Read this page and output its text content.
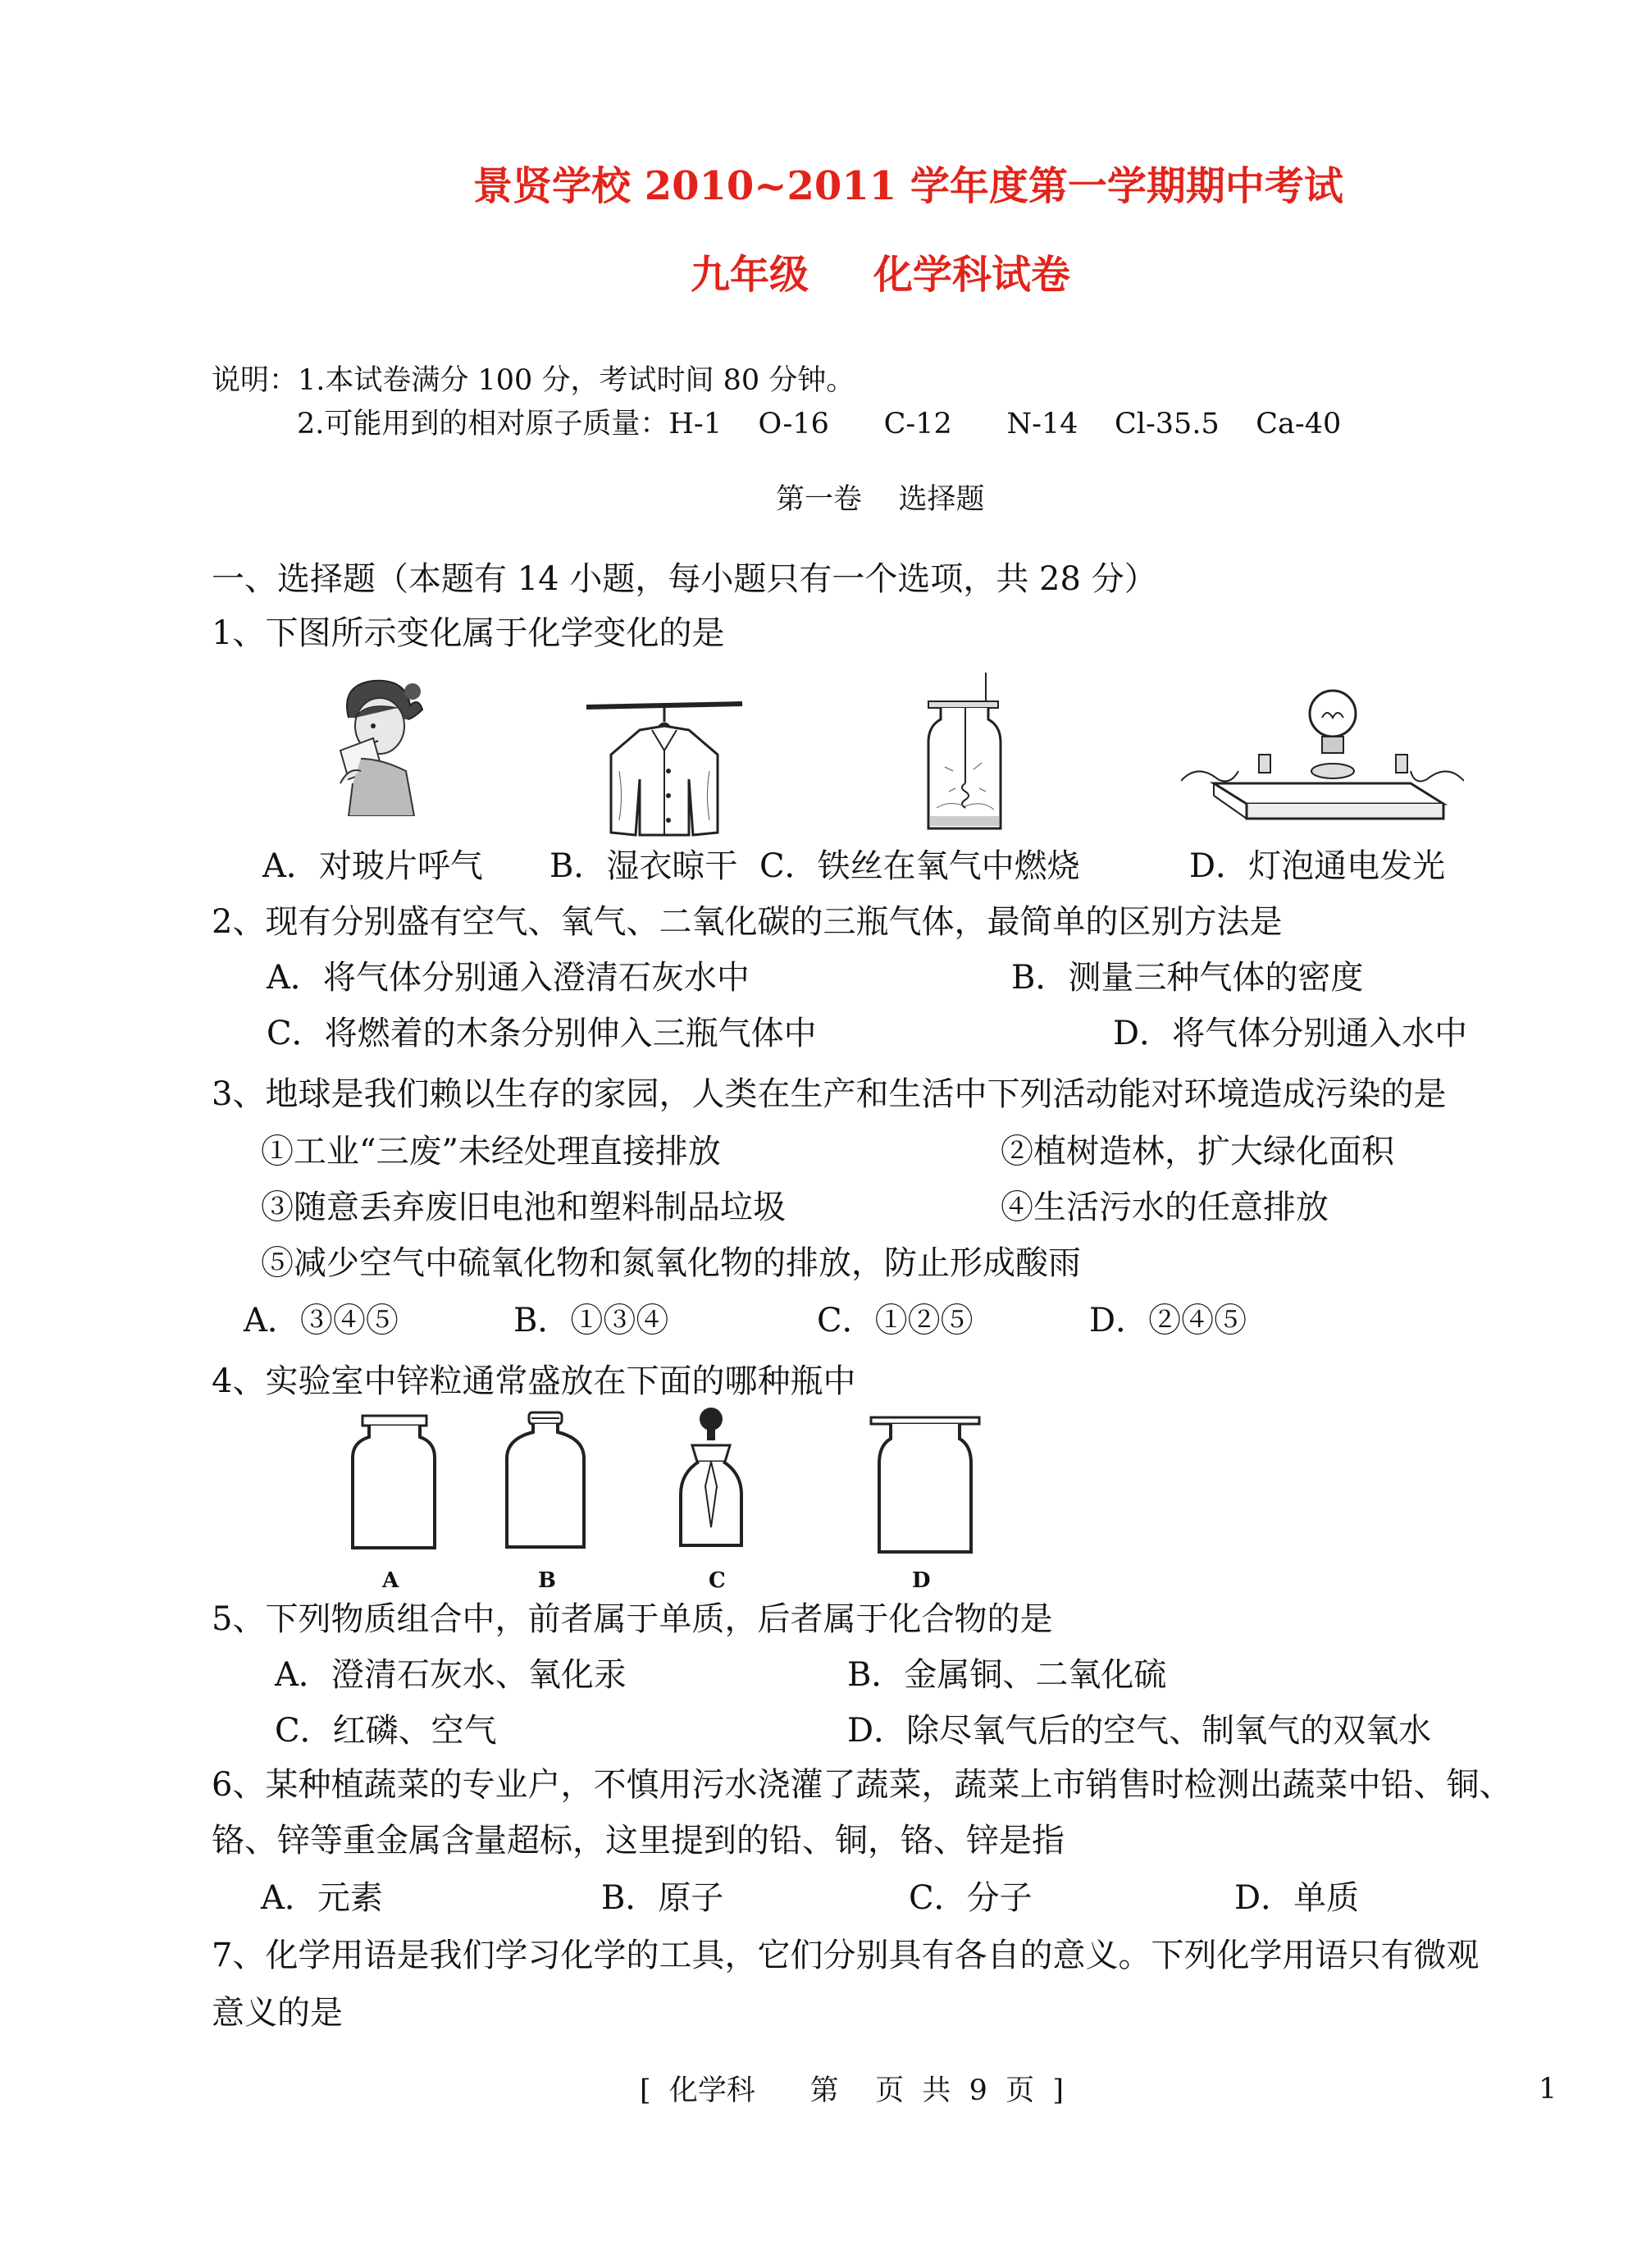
景贤学校 2010~2011 学年度第一学期期中考试
九年级 化学科试卷
说明：1.本试卷满分 100 分，考试时间 80 分钟。
2.可能用到的相对原子质量：H-1    O-16      C-12      N-14    Cl-35.5    Ca-40
第一卷    选择题
一、选择题（本题有 14 小题，每小题只有一个选项，共 28 分）
1、下图所示变化属于化学变化的是
A．对玻片呼气 B．湿衣晾干 C．铁丝在氧气中燃烧	D．灯泡通电发光
2、现有分别盛有空气、氧气、二氧化碳的三瓶气体，最简单的区别方法是
A．将气体分别通入澄清石灰水中	B．测量三种气体的密度
C．将燃着的木条分别伸入三瓶气体中	D．将气体分别通入水中
3、地球是我们赖以生存的家园，人类在生产和生活中下列活动能对环境造成污染的是
①工业“三废”未经处理直接排放	②植树造林，扩大绿化面积
③随意丢弃废旧电池和塑料制品垃圾	④生活污水的任意排放
⑤减少空气中硫氧化物和氮氧化物的排放，防止形成酸雨
A．③④⑤	B．①③④	C．①②⑤	D．②④⑤
4、实验室中锌粒通常盛放在下面的哪种瓶中
A	B	C	D
5、下列物质组合中，前者属于单质，后者属于化合物的是
A．澄清石灰水、氧化汞	B．金属铜、二氧化硫
C．红磷、空气	D．除尽氧气后的空气、制氧气的双氧水
6、某种植蔬菜的专业户，不慎用污水浇灌了蔬菜，蔬菜上市销售时检测出蔬菜中铅、铜、
铬、锌等重金属含量超标，这里提到的铅、铜，铬、锌是指
A．元素	B．原子	C．分子	D．单质
7、化学用语是我们学习化学的工具，它们分别具有各自的意义。下列化学用语只有微观
意义的是
[  化学科      第    页  共  9  页  ]	1
